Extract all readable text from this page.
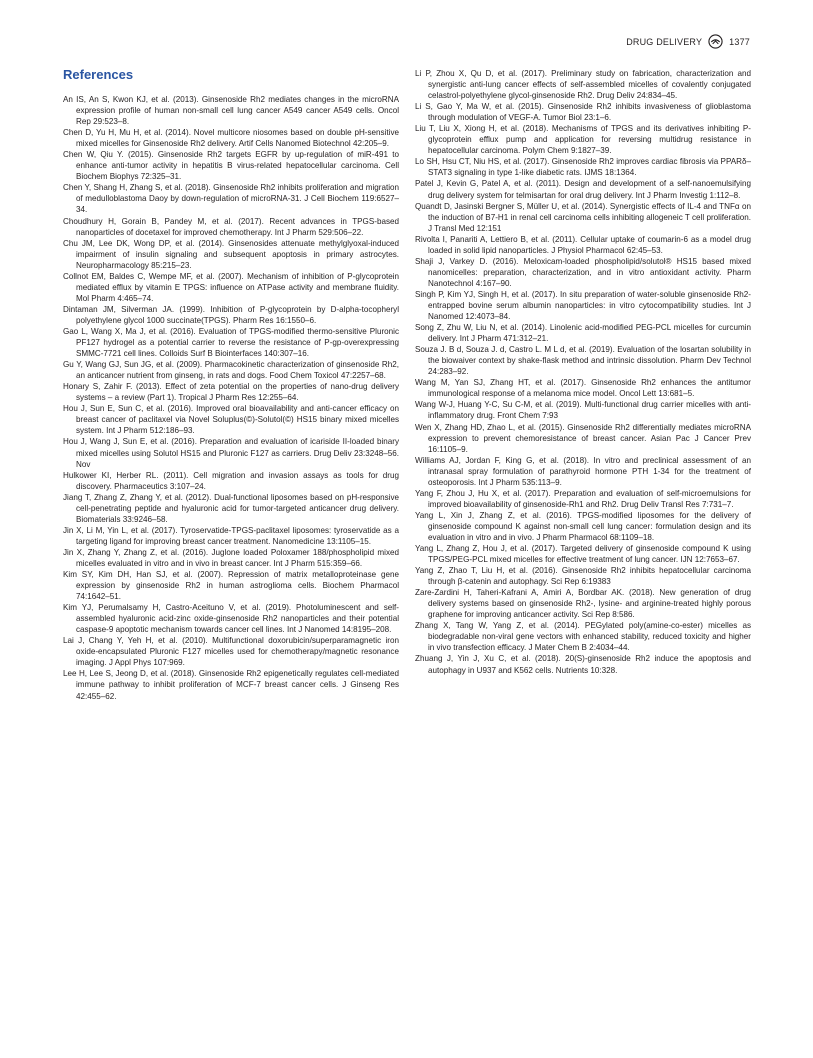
DRUG DELIVERY	1377
References

An IS, An S, Kwon KJ, et al. (2013). Ginsenoside Rh2 mediates changes in the microRNA expression profile of human non-small cell lung cancer A549 cancer A549 cells. Oncol Rep 29:523–8.

Chen D, Yu H, Mu H, et al. (2014). Novel multicore niosomes based on double pH-sensitive mixed micelles for Ginsenoside Rh2 delivery. Artif Cells Nanomed Biotechnol 42:205–9.

Chen W, Qiu Y. (2015). Ginsenoside Rh2 targets EGFR by up-regulation of miR-491 to enhance anti-tumor activity in hepatitis B virus-related hepatocellular carcinoma. Cell Biochem Biophys 72:325–31.

Chen Y, Shang H, Zhang S, et al. (2018). Ginsenoside Rh2 inhibits proliferation and migration of medulloblastoma Daoy by down-regulation of microRNA-31. J Cell Biochem 119:6527–34.

Choudhury H, Gorain B, Pandey M, et al. (2017). Recent advances in TPGS-based nanoparticles of docetaxel for improved chemotherapy. Int J Pharm 529:506–22.

Chu JM, Lee DK, Wong DP, et al. (2014). Ginsenosides attenuate methylglyoxal-induced impairment of insulin signaling and subsequent apoptosis in primary astrocytes. Neuropharmacology 85:215–23.

Collnot EM, Baldes C, Wempe MF, et al. (2007). Mechanism of inhibition of P-glycoprotein mediated efflux by vitamin E TPGS: influence on ATPase activity and membrane fluidity. Mol Pharm 4:465–74.

Dintaman JM, Silverman JA. (1999). Inhibition of P-glycoprotein by D-alpha-tocopheryl polyethylene glycol 1000 succinate(TPGS). Pharm Res 16:1550–6.

Gao L, Wang X, Ma J, et al. (2016). Evaluation of TPGS-modified thermo-sensitive Pluronic PF127 hydrogel as a potential carrier to reverse the resistance of P-gp-overexpressing SMMC-7721 cell lines. Colloids Surf B Biointerfaces 140:307–16.

Gu Y, Wang GJ, Sun JG, et al. (2009). Pharmacokinetic characterization of ginsenoside Rh2, an anticancer nutrient from ginseng, in rats and dogs. Food Chem Toxicol 47:2257–68.

Honary S, Zahir F. (2013). Effect of zeta potential on the properties of nano-drug delivery systems – a review (Part 1). Tropical J Pharm Res 12:255–64.

Hou J, Sun E, Sun C, et al. (2016). Improved oral bioavailability and anti-cancer efficacy on breast cancer of paclitaxel via Novel Soluplus(©)-Solutol(©) HS15 binary mixed micelles system. Int J Pharm 512:186–93.

Hou J, Wang J, Sun E, et al. (2016). Preparation and evaluation of icariside II-loaded binary mixed micelles using Solutol HS15 and Pluronic F127 as carriers. Drug Deliv 23:3248–56. Nov

Hulkower KI, Herber RL. (2011). Cell migration and invasion assays as tools for drug discovery. Pharmaceutics 3:107–24.

Jiang T, Zhang Z, Zhang Y, et al. (2012). Dual-functional liposomes based on pH-responsive cell-penetrating peptide and hyaluronic acid for tumor-targeted anticancer drug delivery. Biomaterials 33:9246–58.

Jin X, Li M, Yin L, et al. (2017). Tyroservatide-TPGS-paclitaxel liposomes: tyroservatide as a targeting ligand for improving breast cancer treatment. Nanomedicine 13:1105–15.

Jin X, Zhang Y, Zhang Z, et al. (2016). Juglone loaded Poloxamer 188/phospholipid mixed micelles evaluated in vitro and in vivo in breast cancer. Int J Pharm 515:359–66.

Kim SY, Kim DH, Han SJ, et al. (2007). Repression of matrix metalloproteinase gene expression by ginsenoside Rh2 in human astroglioma cells. Biochem Pharmacol 74:1642–51.

Kim YJ, Perumalsamy H, Castro-Aceituno V, et al. (2019). Photoluminescent and self-assembled hyaluronic acid-zinc oxide-ginsenoside Rh2 nanoparticles and their potential caspase-9 apoptotic mechanism towards cancer cell lines. Int J Nanomed 14:8195–208.

Lai J, Chang Y, Yeh H, et al. (2010). Multifunctional doxorubicin/superparamagnetic iron oxide-encapsulated Pluronic F127 micelles used for chemotherapy/magnetic resonance imaging. J Appl Phys 107:969.

Lee H, Lee S, Jeong D, et al. (2018). Ginsenoside Rh2 epigenetically regulates cell-mediated immune pathway to inhibit proliferation of MCF-7 breast cancer cells. J Ginseng Res 42:455–62.

Li P, Zhou X, Qu D, et al. (2017). Preliminary study on fabrication, characterization and synergistic anti-lung cancer effects of self-assembled micelles of covalently conjugated celastrol-polyethylene glycol-ginsenoside Rh2. Drug Deliv 24:834–45.

Li S, Gao Y, Ma W, et al. (2015). Ginsenoside Rh2 inhibits invasiveness of glioblastoma through modulation of VEGF-A. Tumor Biol 23:1–6.

Liu T, Liu X, Xiong H, et al. (2018). Mechanisms of TPGS and its derivatives inhibiting P-glycoprotein efflux pump and application for reversing multidrug resistance in hepatocellular carcinoma. Polym Chem 9:1827–39.

Lo SH, Hsu CT, Niu HS, et al. (2017). Ginsenoside Rh2 improves cardiac fibrosis via PPARδ–STAT3 signaling in type 1-like diabetic rats. IJMS 18:1364.

Patel J, Kevin G, Patel A, et al. (2011). Design and development of a self-nanoemulsifying drug delivery system for telmisartan for oral drug delivery. Int J Pharm Investig 1:112–8.

Quandt D, Jasinski Bergner S, Müller U, et al. (2014). Synergistic effects of IL-4 and TNFα on the induction of B7-H1 in renal cell carcinoma cells inhibiting allogeneic T cell proliferation. J Transl Med 12:151

Rivolta I, Panariti A, Lettiero B, et al. (2011). Cellular uptake of coumarin-6 as a model drug loaded in solid lipid nanoparticles. J Physiol Pharmacol 62:45–53.

Shaji J, Varkey D. (2016). Meloxicam-loaded phospholipid/solutol® HS15 based mixed nanomicelles: preparation, characterization, and in vitro antioxidant activity. Pharm Nanotechnol 4:167–90.

Singh P, Kim YJ, Singh H, et al. (2017). In situ preparation of water-soluble ginsenoside Rh2-entrapped bovine serum albumin nanoparticles: in vitro cytocompatibility studies. Int J Nanomed 12:4073–84.

Song Z, Zhu W, Liu N, et al. (2014). Linolenic acid-modified PEG-PCL micelles for curcumin delivery. Int J Pharm 471:312–21.

Souza J. B d, Souza J. d, Castro L. M L d, et al. (2019). Evaluation of the losartan solubility in the biowaiver context by shake-flask method and intrinsic dissolution. Pharm Dev Technol 24:283–92.

Wang M, Yan SJ, Zhang HT, et al. (2017). Ginsenoside Rh2 enhances the antitumor immunological response of a melanoma mice model. Oncol Lett 13:681–5.

Wang W-J, Huang Y-C, Su C-M, et al. (2019). Multi-functional drug carrier micelles with anti-inflammatory drug. Front Chem 7:93

Wen X, Zhang HD, Zhao L, et al. (2015). Ginsenoside Rh2 differentially mediates microRNA expression to prevent chemoresistance of breast cancer. Asian Pac J Cancer Prev 16:1105–9.

Williams AJ, Jordan F, King G, et al. (2018). In vitro and preclinical assessment of an intranasal spray formulation of parathyroid hormone PTH 1-34 for the treatment of osteoporosis. Int J Pharm 535:113–9.

Yang F, Zhou J, Hu X, et al. (2017). Preparation and evaluation of self-microemulsions for improved bioavailability of ginsenoside-Rh1 and Rh2. Drug Deliv Transl Res 7:731–7.

Yang L, Xin J, Zhang Z, et al. (2016). TPGS-modified liposomes for the delivery of ginsenoside compound K against non-small cell lung cancer: formulation design and its evaluation in vitro and in vivo. J Pharm Pharmacol 68:1109–18.

Yang L, Zhang Z, Hou J, et al. (2017). Targeted delivery of ginsenoside compound K using TPGS/PEG-PCL mixed micelles for effective treatment of lung cancer. IJN 12:7653–67.

Yang Z, Zhao T, Liu H, et al. (2016). Ginsenoside Rh2 inhibits hepatocellular carcinoma through β-catenin and autophagy. Sci Rep 6:19383

Zare-Zardini H, Taheri-Kafrani A, Amiri A, Bordbar AK. (2018). New generation of drug delivery systems based on ginsenoside Rh2-, lysine- and arginine-treated highly porous graphene for improving anticancer activity. Sci Rep 8:586.

Zhang X, Tang W, Yang Z, et al. (2014). PEGylated poly(amine-co-ester) micelles as biodegradable non-viral gene vectors with enhanced stability, reduced toxicity and higher in vivo transfection efficacy. J Mater Chem B 2:4034–44.

Zhuang J, Yin J, Xu C, et al. (2018). 20(S)-ginsenoside Rh2 induce the apoptosis and autophagy in U937 and K562 cells. Nutrients 10:328.
